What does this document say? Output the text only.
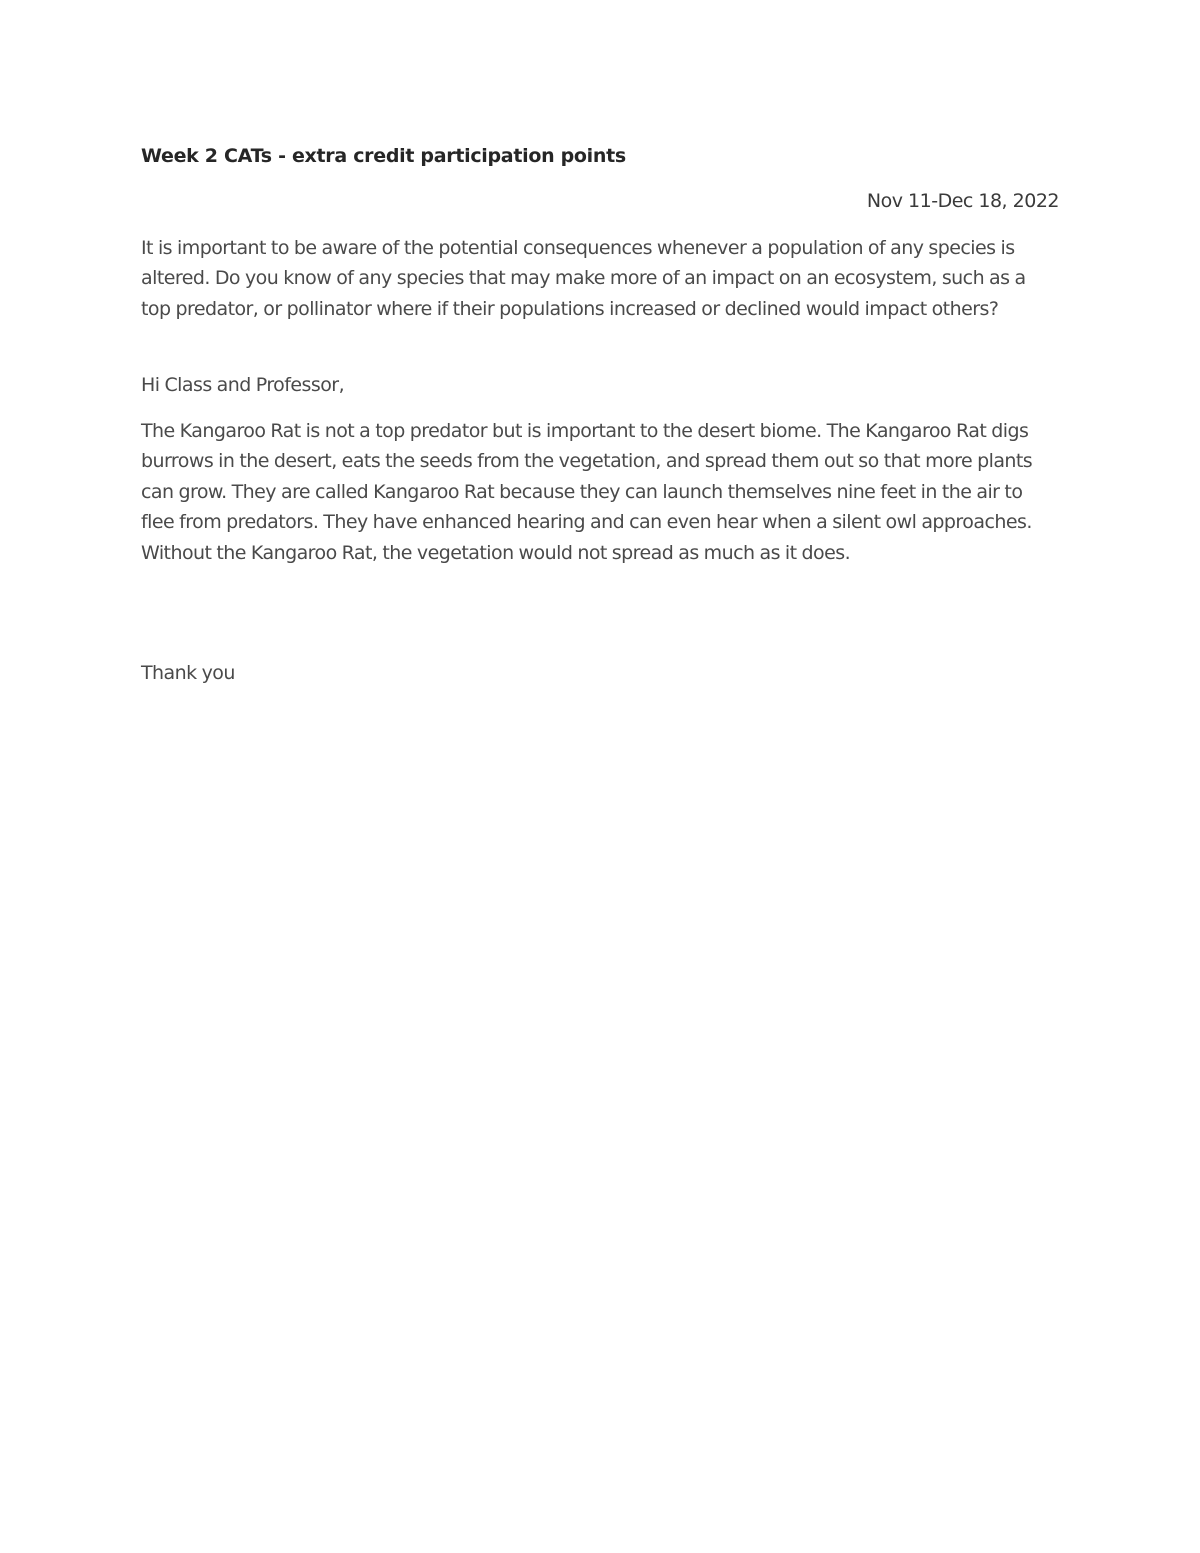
Week 2 CATs - extra credit participation points
Nov 11-Dec 18, 2022

It is important to be aware of the potential consequences whenever a population of any species is altered. Do you know of any species that may make more of an impact on an ecosystem, such as a top predator, or pollinator where if their populations increased or declined would impact others?

Hi Class and Professor,

The Kangaroo Rat is not a top predator but is important to the desert biome. The Kangaroo Rat digs burrows in the desert, eats the seeds from the vegetation, and spread them out so that more plants can grow. They are called Kangaroo Rat because they can launch themselves nine feet in the air to flee from predators. They have enhanced hearing and can even hear when a silent owl approaches. Without the Kangaroo Rat, the vegetation would not spread as much as it does.

Thank you
